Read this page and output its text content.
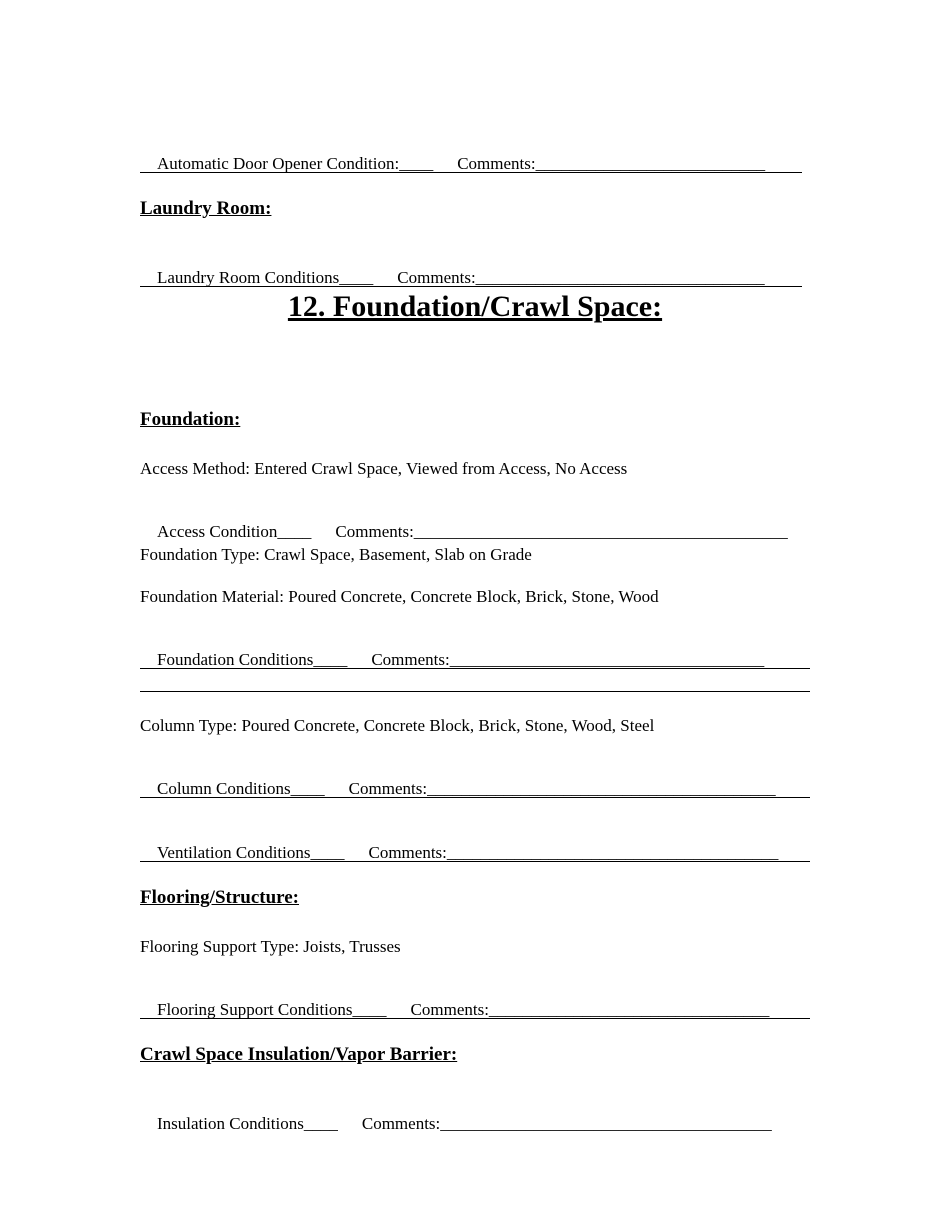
Automatic Door Opener Condition:____ Comments:___________________________

Laundry Room:

Laundry Room Conditions____ Comments:__________________________________

12. Foundation/Crawl Space:
Foundation:
Access Method: Entered Crawl Space, Viewed from Access, No Access

Access Condition____ Comments:____________________________________________

Foundation Type: Crawl Space, Basement, Slab on Grade
Foundation Material: Poured Concrete, Concrete Block, Brick, Stone, Wood

Foundation Conditions____ Comments:_____________________________________

Column Type: Poured Concrete, Concrete Block, Brick, Stone, Wood, Steel

Column Conditions____ Comments:_________________________________________

Ventilation Conditions____ Comments:_______________________________________

Flooring/Structure:
Flooring Support Type: Joists, Trusses

Flooring Support Conditions____ Comments:_________________________________

Crawl Space Insulation/Vapor Barrier:

Insulation Conditions____ Comments:_______________________________________
